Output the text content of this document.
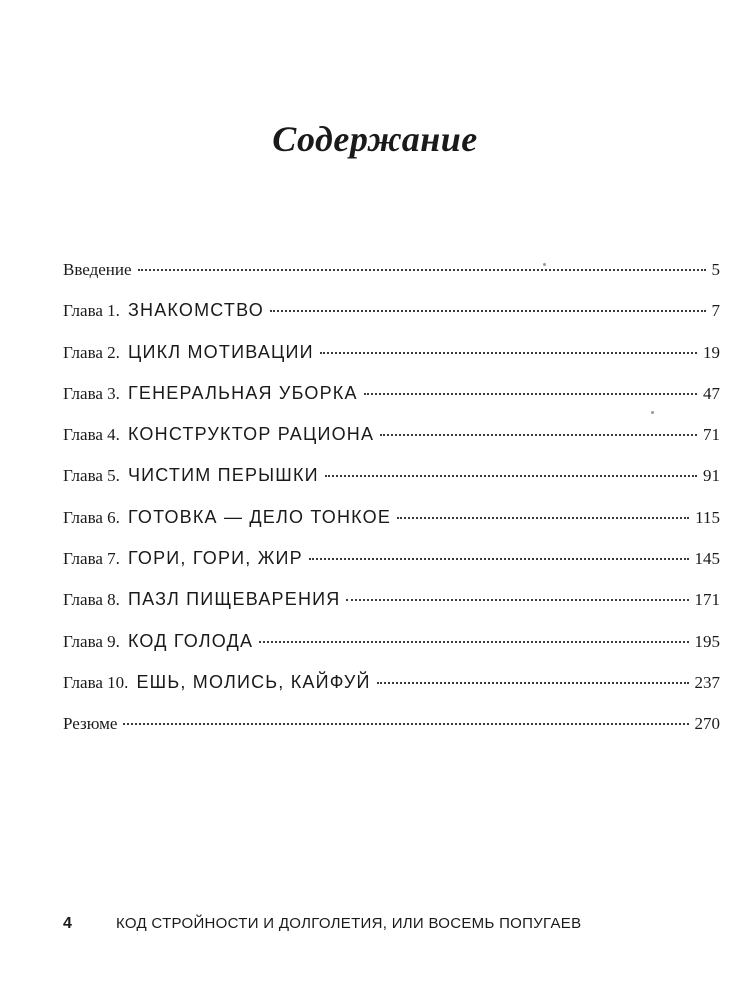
Содержание
Введение	5
Глава 1. ЗНАКОМСТВО	7
Глава 2. ЦИКЛ МОТИВАЦИИ	19
Глава 3. ГЕНЕРАЛЬНАЯ УБОРКА	47
Глава 4. КОНСТРУКТОР РАЦИОНА	71
Глава 5. ЧИСТИМ ПЕРЫШКИ	91
Глава 6. ГОТОВКА — ДЕЛО ТОНКОЕ	115
Глава 7. ГОРИ, ГОРИ, ЖИР	145
Глава 8. ПАЗЛ ПИЩЕВАРЕНИЯ	171
Глава 9. КОД ГОЛОДА	195
Глава 10. ЕШЬ, МОЛИСЬ, КАЙФУЙ	237
Резюме	270
4	КОД СТРОЙНОСТИ И ДОЛГОЛЕТИЯ, ИЛИ ВОСЕМЬ ПОПУГАЕВ
